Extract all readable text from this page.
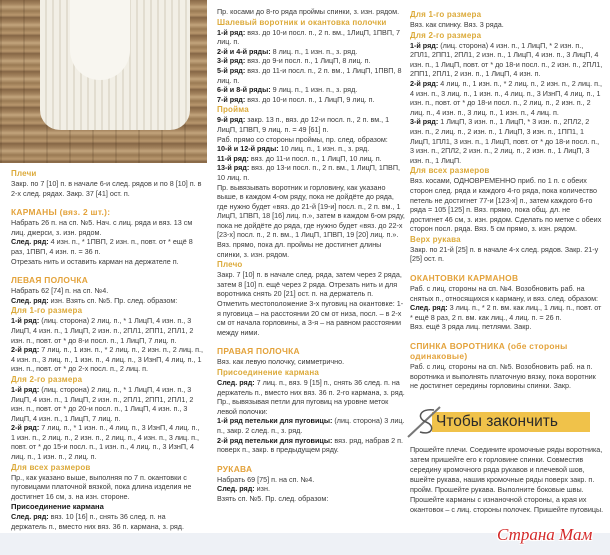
Плечи
Закр. по 7 [10] п. в начале 6-и след. рядов и по 8 [10] п. в 2-х след. рядах. Закр. 37 [41] ост. п.
КАРМАНЫ (вяз. 2 шт.):
Набрать 26 п. на сп. №5. Нач. с лиц. ряда и вяз. 13 см лиц. джерси, з. изн. рядом.
След. ряд: 4 изн. п., * 1ПВП, 2 изн. п., повт. от * ещё 8 раз, 1ПВП, 4 изн. п. = 36 п.
Отрезать нить и оставить карман на держателе п.
ЛЕВАЯ ПОЛОЧКА
Набрать 62 [74] п. на сп. №4.
След. ряд: изн. Взять сп. №5. Пр. след. образом:
Для 1-го размера
1-й ряд: (лиц. сторона) 2 лиц. п., * 1 ЛицП, 4 изн. п., 3 ЛицП, 4 изн. п., 1 ЛицП, 2 изн. п., 2ПЛ1, 2ПП1, 2ПЛ1, 2 изн. п., повт. от * до 8-и посл. п., 1 ЛицП, 7 лиц. п.
2-й ряд: 7 лиц. п., 1 изн. п., * 2 лиц. п., 2 изн. п., 2 лиц. п., 4 изн. п., 3 лиц. п., 1 изн. п., 4 лиц. п., 3 ИзнП, 4 лиц. п., 1 изн. п., повт. от * до 2-х посл. п., 2 лиц. п.
Для 2-го размера
1-й ряд: (лиц. сторона) 2 лиц. п., * 1 ЛицП, 4 изн. п., 3 ЛицП, 4 изн. п., 1 ЛицП, 2 изн. п., 2ПЛ1, 2ПП1, 2ПЛ1, 2 изн. п., повт. от * до 20-и посл. п., 1 ЛицП, 4 изн. п., 3 ЛицП, 4 изн. п., 1 ЛицП, 7 лиц. п.
2-й ряд: 7 лиц. п., * 1 изн. п., 4 лиц. п., 3 ИзнП, 4 лиц. п., 1 изн. п., 2 лиц. п., 2 изн. п., 2 лиц. п., 4 изн. п., 3 лиц. п., повт. от * до 15-и посл. п., 1 изн. п., 4 лиц. п., 3 ИзнП, 4 лиц. п., 1 изн. п., 2 лиц. п.
Для всех размеров
Пр., как указано выше, выполняя по 7 п. окантовки с пуговицами платочной вязкой, пока длина изделия не достигнет 16 см, з. на изн. стороне.
Присоединение кармана
След. ряд: вяз. 10 [16] п., снять 36 след. п. на держатель п., вместо них вяз. 36 п. кармана, з. ряд.
Пр. косами до 8-го ряда проймы спинки, з. изн. рядом.
Шалевый воротник и окантовка полочки
1-й ряд: вяз. до 10-и посл. п., 2 п. вм., 1ЛицП, 1ПВП, 7 лиц. п.
2-й и 4-й ряды: 8 лиц. п., 1 изн. п., з. ряд.
3-й ряд: вяз. до 9-и посл. п., 1 ЛицП, 8 лиц. п.
5-й ряд: вяз. до 11-и посл. п., 2 п. вм., 1 ЛицП, 1ПВП, 8 лиц. п.
6-й и 8-й ряды: 9 лиц. п., 1 изн. п., з. ряд.
7-й ряд: вяз. до 10-и посл. п., 1 ЛицП, 9 лиц. п.
Пройма
9-й ряд: закр. 13 п., вяз. до 12-и посл. п., 2 п. вм., 1 ЛицП, 1ПВП, 9 лиц. п. = 49 [61] п.
Раб. прямо со стороны проймы, пр. след. образом:
10-й и 12-й ряды: 10 лиц. п., 1 изн. п., з. ряд.
11-й ряд: вяз. до 11-и посл. п., 1 ЛицП, 10 лиц. п.
13-й ряд: вяз. до 13-и посл. п., 2 п. вм., 1 ЛицП, 1ПВП, 10 лиц. п.
Пр. вывязывать воротник и горловину, как указано выше, в каждом 4-ом ряду, пока не дойдёте до ряда, где нужно будет «вяз. до 21-й [19-и] посл. п., 2 п. вм., 1 ЛицП, 1ПВП, 18 [16] лиц. п.», затем в каждом 6-ом ряду, пока не дойдёте до ряда, где нужно будет «вяз. до 22-х [23-х] посл. п., 2 п. вм., 1 ЛицП, 1ПВП, 19 [20] лиц. п.». Вяз. прямо, пока дл. проймы не достигнет длины спинки, з. изн. рядом.
Плечо
Закр. 7 [10] п. в начале след. ряда, затем через 2 ряда, затем 8 [10] п. ещё через 2 ряда. Отрезать нить и для воротника снять 20 [21] ост. п. на держатель п. Отметить местоположение 3-х пуговиц на окантовке: 1-я пуговица – на расстоянии 20 см от низа, посл. – в 2-х см от начала горловины, а 3-я – на равном расстоянии между ними.
ПРАВАЯ ПОЛОЧКА
Вяз. как левую полочку, симметрично.
Присоединение кармана
След. ряд: 7 лиц. п., вяз. 9 [15] п., снять 36 след. п. на держатель п., вместо них вяз. 36 п. 2-го кармана, з. ряд.
Пр., вывязывая петли для пуговиц на уровне меток левой полочки:
1-й ряд петельки для пуговицы: (лиц. сторона) 3 лиц. п., закр. 2 след. п., з. ряд.
2-й ряд петельки для пуговицы: вяз. ряд, набрав 2 п. поверх п., закр. в предыдущем ряду.
РУКАВА
Набрать 69 [75] п. на сп. №4.
След. ряд: изн.
Взять сп. №5. Пр. след. образом:
Для 1-го размера
Вяз. как спинку. Вяз. 3 ряда.
Для 2-го размера
1-й ряд: (лиц. сторона) 4 изн. п., 1 ЛицП, * 2 изн. п., 2ПЛ1, 2ПП1, 2ПЛ1, 2 изн. п., 1 ЛицП, 4 изн. п., 3 ЛицП, 4 изн. п., 1 ЛицП, повт. от * до 18-и посл. п., 2 изн. п., 2ПЛ1, 2ПП1, 2ПЛ1, 2 изн. п., 1 ЛицП, 4 изн. п.
2-й ряд: 4 лиц. п., 1 изн. п., * 2 лиц. п., 2 изн. п., 2 лиц. п., 4 изн. п., 3 лиц. п., 1 изн. п., 4 лиц. п., 3 ИзнП, 4 лиц. п., 1 изн. п., повт. от * до 18-и посл. п., 2 лиц. п., 2 изн. п., 2 лиц. п., 4 изн. п., 3 лиц. п., 1 изн. п., 4 лиц. п.
3-й ряд: 1 ЛицП, 3 изн. п., 1 ЛицП, * 3 изн. п., 2ПЛ2, 2 изн. п., 2 лиц. п., 2 изн. п., 1 ЛицП, 3 изн. п., 1ПП1, 1 ЛицП, 1ПЛ1, 3 изн. п., 1 ЛицП, повт. от * до 18-и посл. п., 3 изн. п., 2ПЛ2, 2 изн. п., 2 лиц. п., 2 изн. п., 1 ЛицП, 3 изн. п., 1 ЛицП.
Для всех размеров
Вяз. косами, ОДНОВРЕМЕННО приб. по 1 п. с обеих сторон след. ряда и каждого 4-го ряда, пока количество петель не достигнет 77-и [123-х] п., затем каждого 6-го ряда = 105 [125] п. Вяз. прямо, пока общ. дл. не достигнет 46 см, з. изн. рядом. Сделать по метке с обеих сторон посл. ряда. Вяз. 5 см прямо, з. изн. рядом.
Верх рукава
Закр. по 21-й [25] п. в начале 4-х след. рядов. Закр. 21-у [25] ост. п.
ОКАНТОВКИ КАРМАНОВ
Раб. с лиц. стороны на сп. №4. Возобновить раб. на снятых п., относящихся к карману, и вяз. след. образом:
След. ряд: 3 лиц. п., * 2 п. вм. как лиц., 1 лиц. п., повт. от * ещё 8 раз, 2 п. вм. как лиц., 4 лиц. п. = 26 п.
Вяз. ещё 3 ряда лиц. петлями. Закр.
СПИНКА ВОРОТНИКА (обе стороны одинаковые)
Раб. с лиц. стороны на сп. №5. Возобновить раб. на п. воротника и выполнять платочную вязку, пока воротник не достигнет середины горловины спинки. Закр.
Чтобы закончить
Прошейте плечи. Соедините кромочные ряды воротника, затем пришейте его к горловине спинки. Совместив середину кромочного ряда рукавов и плечевой шов, вшейте рукава, нашив кромочные ряды поверх закр. п. пройм. Прошейте рукава. Выполните боковые швы. Прошейте карманы с изнаночной стороны, а края их окантовок – с лиц. стороны полочек. Пришейте пуговицы.
Страна Мам
